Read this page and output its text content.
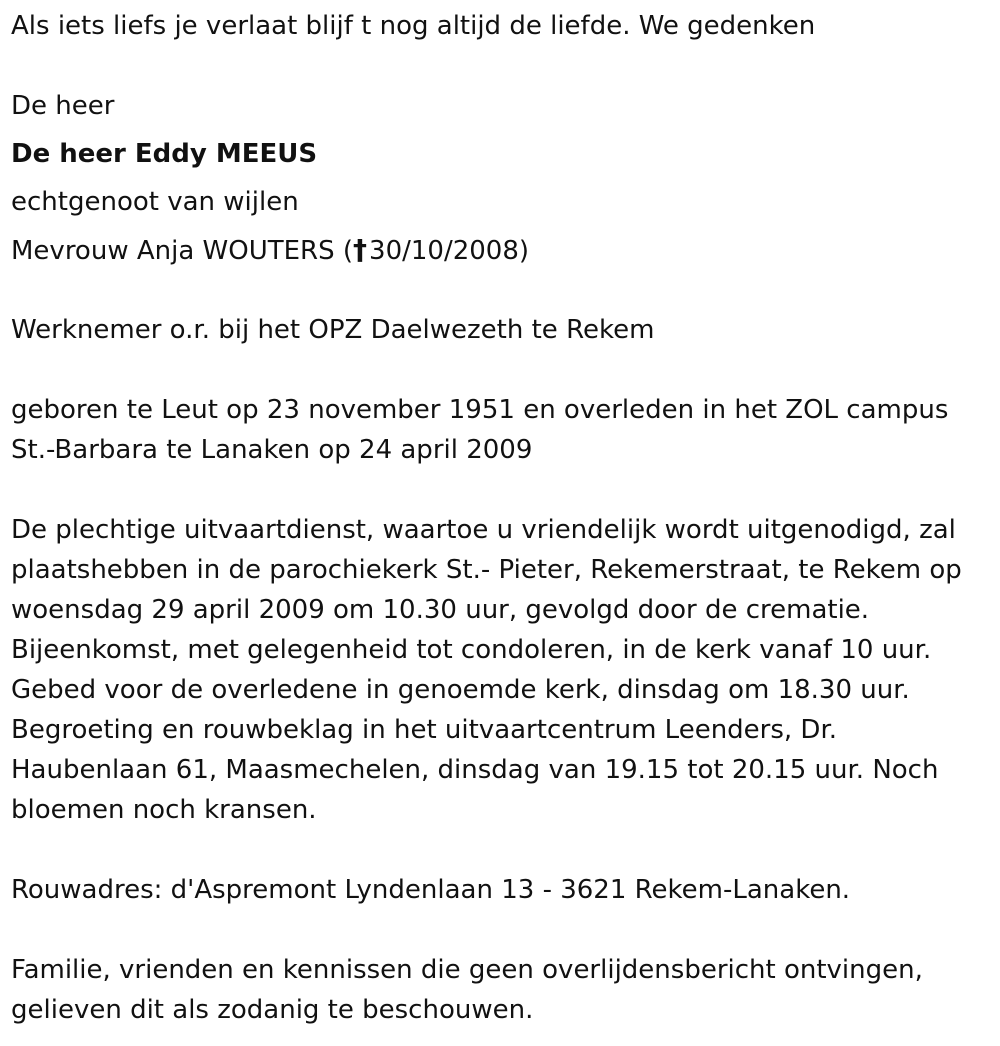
Als iets liefs je verlaat blijf t nog altijd de liefde. We gedenken
De heer
De heer Eddy MEEUS
echtgenoot van wijlen
Mevrouw Anja WOUTERS (†30/10/2008)
Werknemer o.r. bij het OPZ Daelwezeth te Rekem
geboren te Leut op 23 november 1951 en overleden in het ZOL campus
St.-Barbara te Lanaken op 24 april 2009
De plechtige uitvaartdienst, waartoe u vriendelijk wordt uitgenodigd, zal
plaatshebben in de parochiekerk St.- Pieter, Rekemerstraat, te Rekem op
woensdag 29 april 2009 om 10.30 uur, gevolgd door de crematie.
Bijeenkomst, met gelegenheid tot condoleren, in de kerk vanaf 10 uur.
Gebed voor de overledene in genoemde kerk, dinsdag om 18.30 uur.
Begroeting en rouwbeklag in het uitvaartcentrum Leenders, Dr.
Haubenlaan 61, Maasmechelen, dinsdag van 19.15 tot 20.15 uur. Noch
bloemen noch kransen.
Rouwadres: d'Aspremont Lyndenlaan 13 - 3621 Rekem-Lanaken.
Familie, vrienden en kennissen die geen overlijdensbericht ontvingen,
gelieven dit als zodanig te beschouwen.
